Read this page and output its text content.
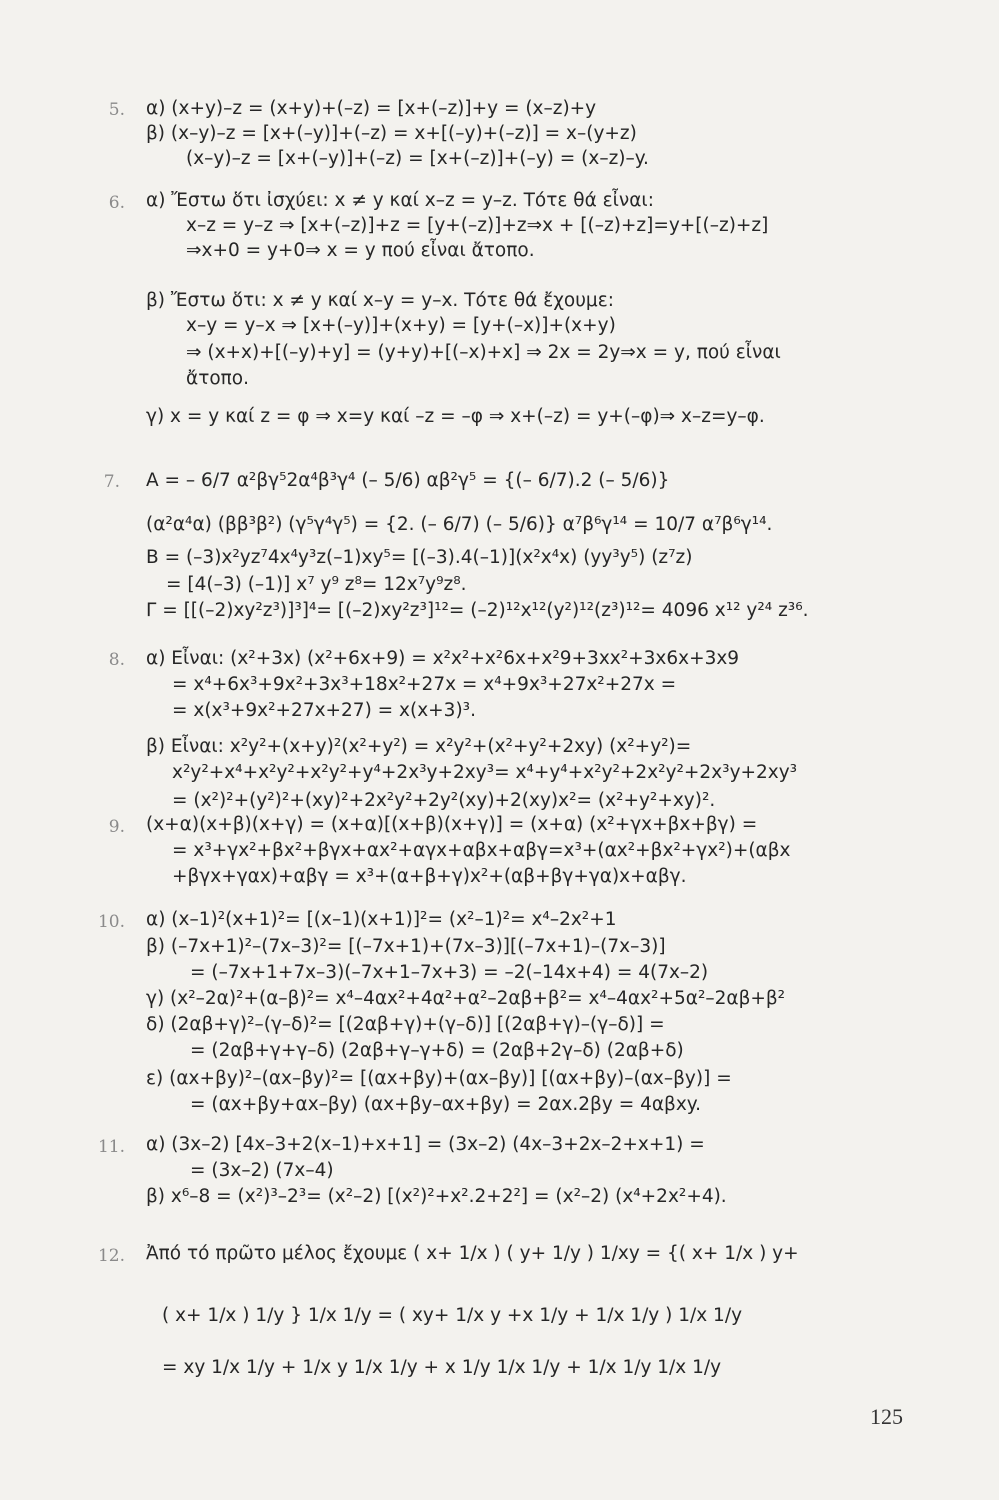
5. α) (x+y)–z = (x+y)+(–z) = [x+(–z)]+y = (x–z)+y
β) (x–y)–z = [x+(–y)]+(–z) = x+[(–y)+(–z)] = x–(y+z)
(x–y)–z = [x+(–y)]+(–z) = [x+(–z)]+(–y) = (x–z)–y.
6. α) Ἔστω ὅτι ἰσχύει: x ≠ y καί x–z = y–z. Τότε θά εἶναι:
x–z = y–z ⇒ [x+(–z)]+z = [y+(–z)]+z⇒x + [(–z)+z]=y+[(–z)+z]
⇒x+0 = y+0⇒ x = y πού εἶναι ἄτοπο.
β) Ἔστω ὅτι: x ≠ y καί x–y = y–x. Τότε θά ἔχουμε:
x–y = y–x ⇒ [x+(–y)]+(x+y) = [y+(–x)]+(x+y)
⇒ (x+x)+[(–y)+y] = (y+y)+[(–x)+x] ⇒ 2x = 2y⇒x = y, πού εἶναι
ἄτοπο.
γ) x = y καί z = φ ⇒ x=y καί –z = –φ ⇒ x+(–z) = y+(–φ)⇒ x–z=y–φ.
7. A = – 6/7 α²βγ⁵2α⁴β³γ⁴ (– 5/6) αβ²γ⁵ = {(– 6/7).2 (– 5/6)}
(α²α⁴α) (ββ³β²) (γ⁵γ⁴γ⁵) = {2. (– 6/7) (– 5/6)} α⁷β⁶γ¹⁴ = 10/7 α⁷β⁶γ¹⁴.
B = (–3)x²yz⁷4x⁴y³z(–1)xy⁵= [(–3).4(–1)](x²x⁴x) (yy³y⁵) (z⁷z)
= [4(–3) (–1)] x⁷ y⁹ z⁸= 12x⁷y⁹z⁸.
Γ = [[(–2)xy²z³)]³]⁴= [(–2)xy²z³]¹²= (–2)¹²x¹²(y²)¹²(z³)¹²= 4096 x¹² y²⁴ z³⁶.
8. α) Εἶναι: (x²+3x) (x²+6x+9) = x²x²+x²6x+x²9+3xx²+3x6x+3x9
= x⁴+6x³+9x²+3x³+18x²+27x = x⁴+9x³+27x²+27x =
= x(x³+9x²+27x+27) = x(x+3)³.
β) Εἶναι: x²y²+(x+y)²(x²+y²) = x²y²+(x²+y²+2xy) (x²+y²)=
x²y²+x⁴+x²y²+x²y²+y⁴+2x³y+2xy³= x⁴+y⁴+x²y²+2x²y²+2x³y+2xy³
= (x²)²+(y²)²+(xy)²+2x²y²+2y²(xy)+2(xy)x²= (x²+y²+xy)².
9. (x+α)(x+β)(x+γ) = (x+α)[(x+β)(x+γ)] = (x+α) (x²+γx+βx+βγ) =
= x³+γx²+βx²+βγx+αx²+αγx+αβx+αβγ=x³+(αx²+βx²+γx²)+(αβx
+βγx+γαx)+αβγ = x³+(α+β+γ)x²+(αβ+βγ+γα)x+αβγ.
10. α) (x–1)²(x+1)²= [(x–1)(x+1)]²= (x²–1)²= x⁴–2x²+1
β) (–7x+1)²–(7x–3)²= [(–7x+1)+(7x–3)][(–7x+1)–(7x–3)]
= (–7x+1+7x–3)(–7x+1–7x+3) = –2(–14x+4) = 4(7x–2)
γ) (x²–2α)²+(α–β)²= x⁴–4αx²+4α²+α²–2αβ+β²= x⁴–4αx²+5α²–2αβ+β²
δ) (2αβ+γ)²–(γ–δ)²= [(2αβ+γ)+(γ–δ)] [(2αβ+γ)–(γ–δ)] =
= (2αβ+γ+γ–δ) (2αβ+γ–γ+δ) = (2αβ+2γ–δ) (2αβ+δ)
ε) (αx+βy)²–(αx–βy)²= [(αx+βy)+(αx–βy)] [(αx+βy)–(αx–βy)] =
= (αx+βy+αx–βy) (αx+βy–αx+βy) = 2αx.2βy = 4αβxy.
11. α) (3x–2) [4x–3+2(x–1)+x+1] = (3x–2) (4x–3+2x–2+x+1) =
= (3x–2) (7x–4)
β) x⁶–8 = (x²)³–2³= (x²–2) [(x²)²+x².2+2²] = (x²–2) (x⁴+2x²+4).
12. Ἀπό τό πρῶτο μέλος ἔχουμε ( x+ 1/x ) ( y+ 1/y ) 1/xy = {( x+ 1/x ) y+
( x+ 1/x ) 1/y } 1/x 1/y = ( xy+ 1/x y +x 1/y + 1/x 1/y ) 1/x 1/y
= xy 1/x 1/y + 1/x y 1/x 1/y + x 1/y 1/x 1/y + 1/x 1/y 1/x 1/y
125
